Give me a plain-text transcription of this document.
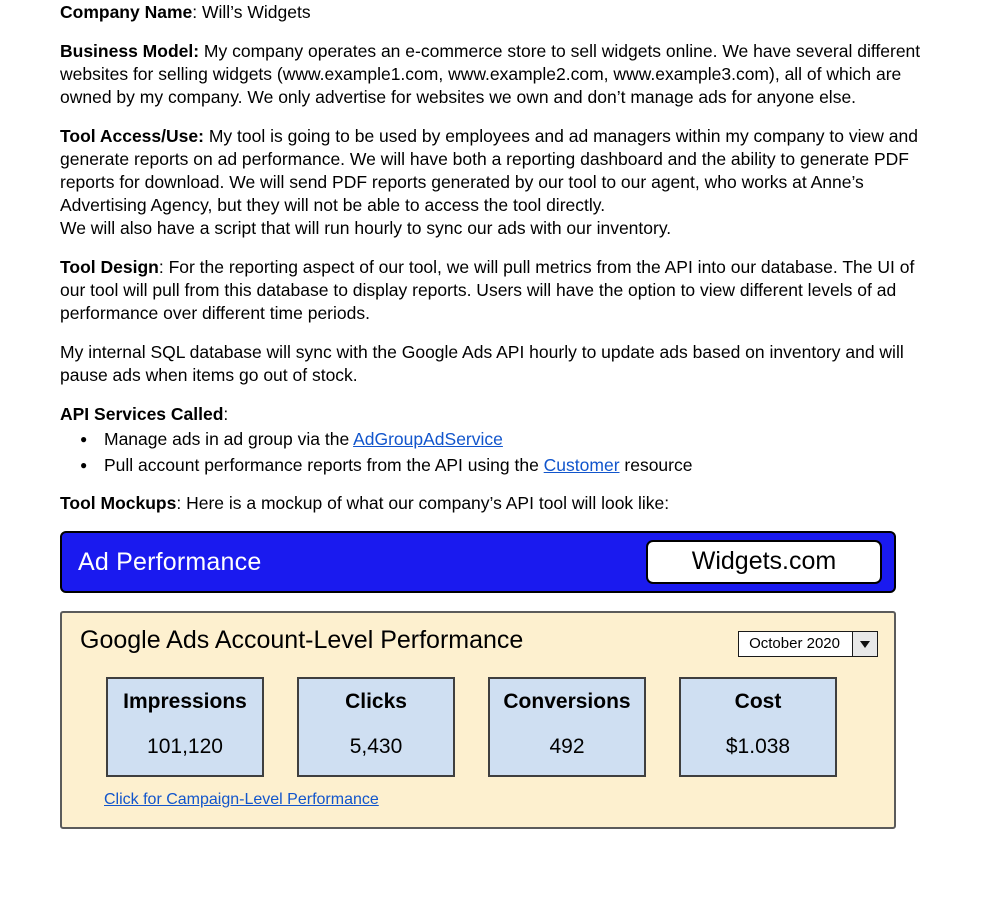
Company Name: Will’s Widgets

Business Model: My company operates an e-commerce store to sell widgets online. We have several different websites for selling widgets (www.example1.com, www.example2.com, www.example3.com), all of which are owned by my company. We only advertise for websites we own and don’t manage ads for anyone else.

Tool Access/Use: My tool is going to be used by employees and ad managers within my company to view and generate reports on ad performance. We will have both a reporting dashboard and the ability to generate PDF reports for download. We will send PDF reports generated by our tool to our agent, who works at Anne’s Advertising Agency, but they will not be able to access the tool directly.

We will also have a script that will run hourly to sync our ads with our inventory.

Tool Design: For the reporting aspect of our tool, we will pull metrics from the API into our database. The UI of our tool will pull from this database to display reports. Users will have the option to view different levels of ad performance over different time periods.

My internal SQL database will sync with the Google Ads API hourly to update ads based on inventory and will pause ads when items go out of stock.

API Services Called:

● Manage ads in ad group via the AdGroupAdService
● Pull account performance reports from the API using the Customer resource

Tool Mockups: Here is a mockup of what our company’s API tool will look like:

Ad Performance	Widgets.com
Google Ads Account-Level Performance	October 2020
Impressions
101,120
Clicks
5,430
Conversions
492
Cost
$1.038
Click for Campaign-Level Performance
